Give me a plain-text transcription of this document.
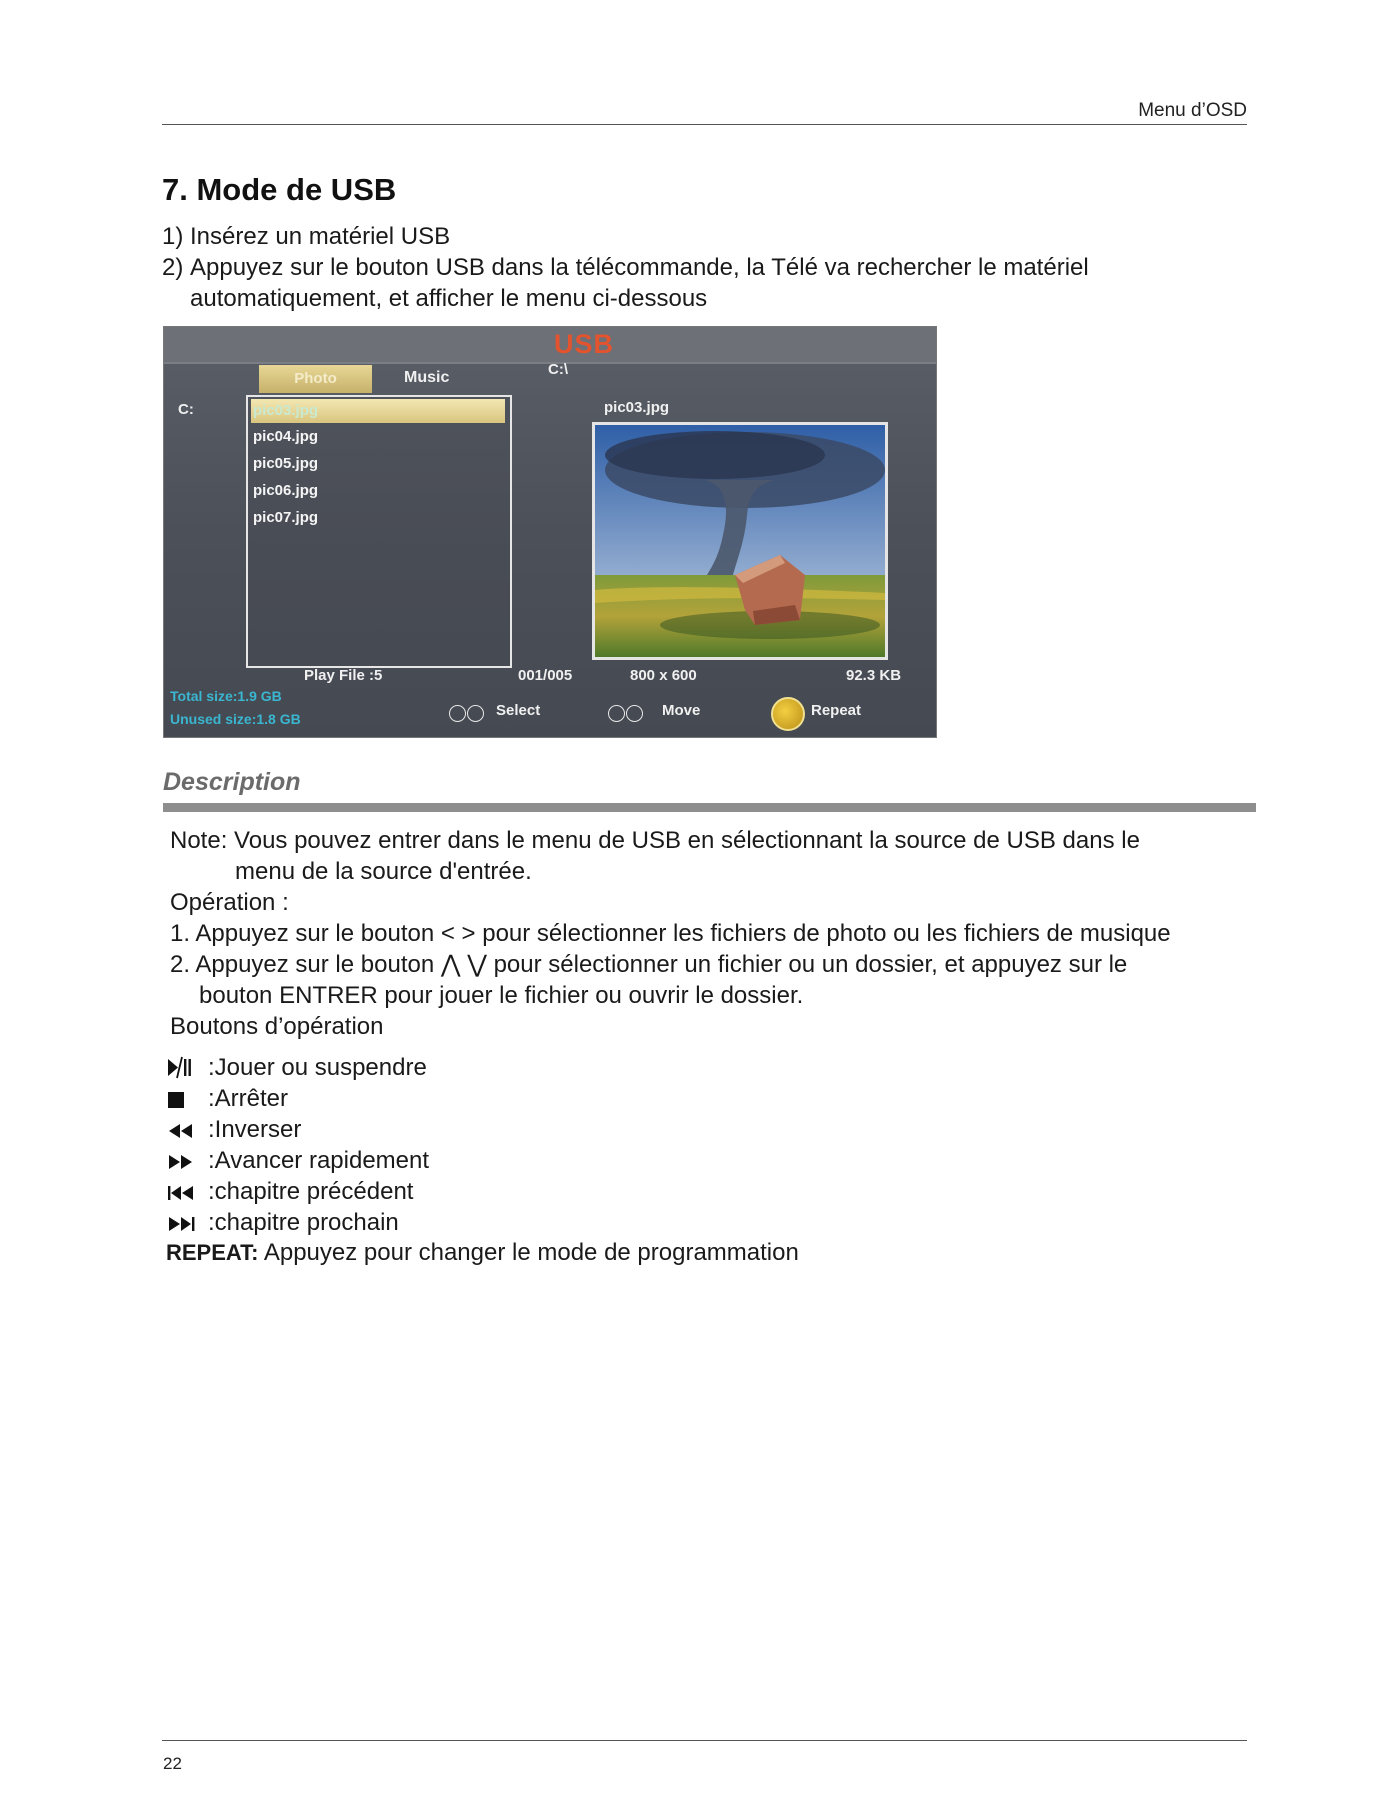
Menu d’OSD
7. Mode de USB
1) Insérez un matériel USB
2) Appuyez sur le bouton USB dans la télécommande, la Télé va rechercher le matériel
automatiquement, et afficher le menu ci-dessous
USB
Photo	Music	C:\
C:	pic03.jpg
pic04.jpg
pic05.jpg
pic06.jpg
pic07.jpg
pic03.jpg
Play File :5	001/005	800 x 600	92.3 KB
Total size:1.9 GB
Unused size:1.8 GB	Select	Move	Repeat
Description
Note: Vous pouvez entrer dans le menu de USB en sélectionnant la source de USB dans le
menu de la source d'entrée.
Opération :
1. Appuyez sur le bouton < > pour sélectionner les fichiers de photo ou les fichiers de musique
2. Appuyez sur le bouton ⋀ ⋁ pour sélectionner un fichier ou un dossier, et appuyez sur le
bouton ENTRER pour jouer le fichier ou ouvrir le dossier.
Boutons d’opération
:Jouer ou suspendre
:Arrêter
:Inverser
:Avancer rapidement
:chapitre précédent
:chapitre prochain
REPEAT: Appuyez pour changer le mode de programmation
22
